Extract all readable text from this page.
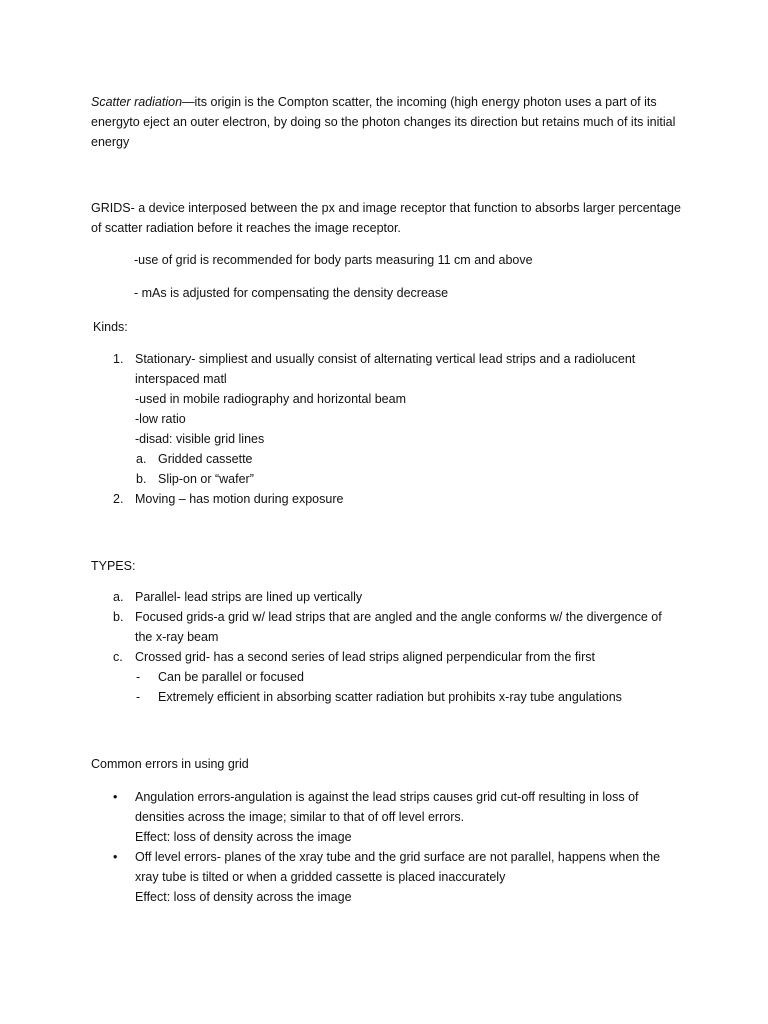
Scatter radiation—its origin is the Compton scatter, the incoming (high energy photon uses a part of its energyto eject an outer electron, by doing so the photon changes its direction but retains much of its initial energy

GRIDS- a device interposed between the px and image receptor that function to absorbs larger percentage of scatter radiation before it reaches the image receptor.

-use of grid is recommended for body parts measuring 11 cm and above

- mAs is adjusted for compensating the density decrease

Kinds:

1. Stationary- simpliest and usually consist of alternating vertical lead strips and a radiolucent
interspaced matl
-used in mobile radiography and horizontal beam
-low ratio
-disad: visible grid lines
a. Gridded cassette
b. Slip-on or “wafer”
2. Moving – has motion during exposure

TYPES:

a. Parallel- lead strips are lined up vertically
b. Focused grids-a grid w/ lead strips that are angled and the angle conforms w/ the divergence of
the x-ray beam
c. Crossed grid- has a second series of lead strips aligned perpendicular from the first
- Can be parallel or focused
- Extremely efficient in absorbing scatter radiation but prohibits x-ray tube angulations

Common errors in using grid

• Angulation errors-angulation is against the lead strips causes grid cut-off resulting in loss of
densities across the image; similar to that of off level errors.
Effect: loss of density across the image
• Off level errors- planes of the xray tube and the grid surface are not parallel, happens when the
xray tube is tilted or when a gridded cassette is placed inaccurately
Effect: loss of density across the image
